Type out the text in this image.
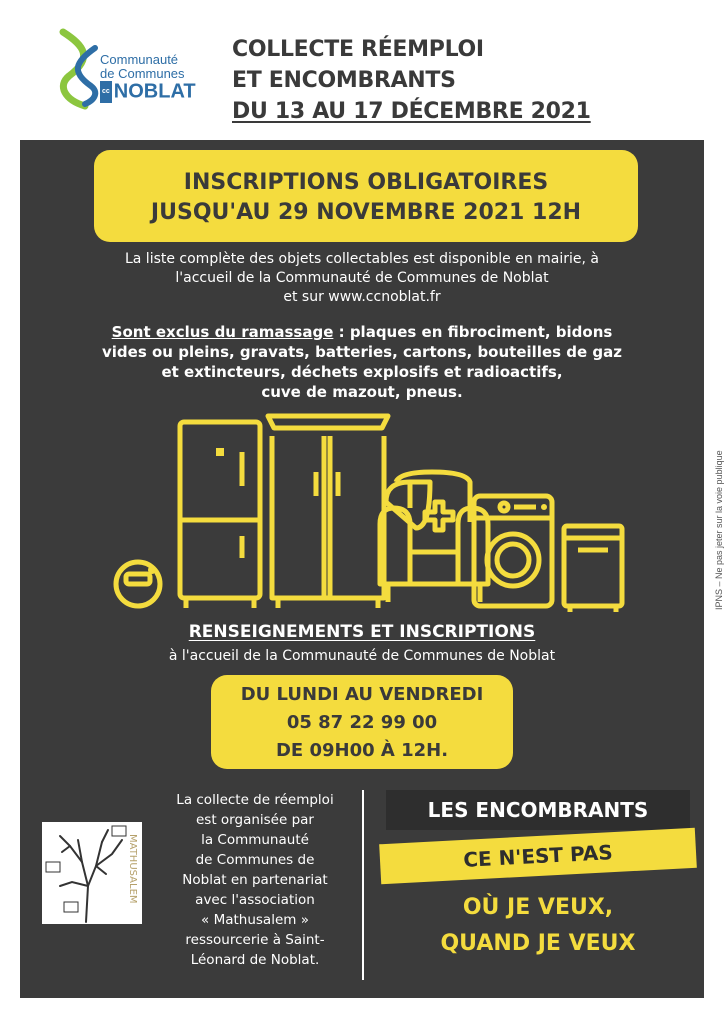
Communauté
de Communes
cc NOBLAT
COLLECTE RÉEMPLOI
ET ENCOMBRANTS
DU 13 AU 17 DÉCEMBRE 2021
INSCRIPTIONS OBLIGATOIRES
JUSQU'AU 29 NOVEMBRE 2021 12H
La liste complète des objets collectables est disponible en mairie, à
l'accueil de la Communauté de Communes de Noblat
et sur www.ccnoblat.fr
Sont exclus du ramassage : plaques en fibrociment, bidons
vides ou pleins, gravats, batteries, cartons, bouteilles de gaz
et extincteurs, déchets explosifs et radioactifs,
cuve de mazout, pneus.
RENSEIGNEMENTS ET INSCRIPTIONS
à l'accueil de la Communauté de Communes de Noblat
DU LUNDI AU VENDREDI
05 87 22 99 00
DE 09H00 À 12H.
MATHUSALEM
La collecte de réemploi
est organisée par
la Communauté
de Communes de
Noblat en partenariat
avec l'association
« Mathusalem »
ressourcerie à Saint-
Léonard de Noblat.
LES ENCOMBRANTS
CE N'EST PAS
OÙ JE VEUX,
QUAND JE VEUX
IPNS – Ne pas jeter sur la voie publique
